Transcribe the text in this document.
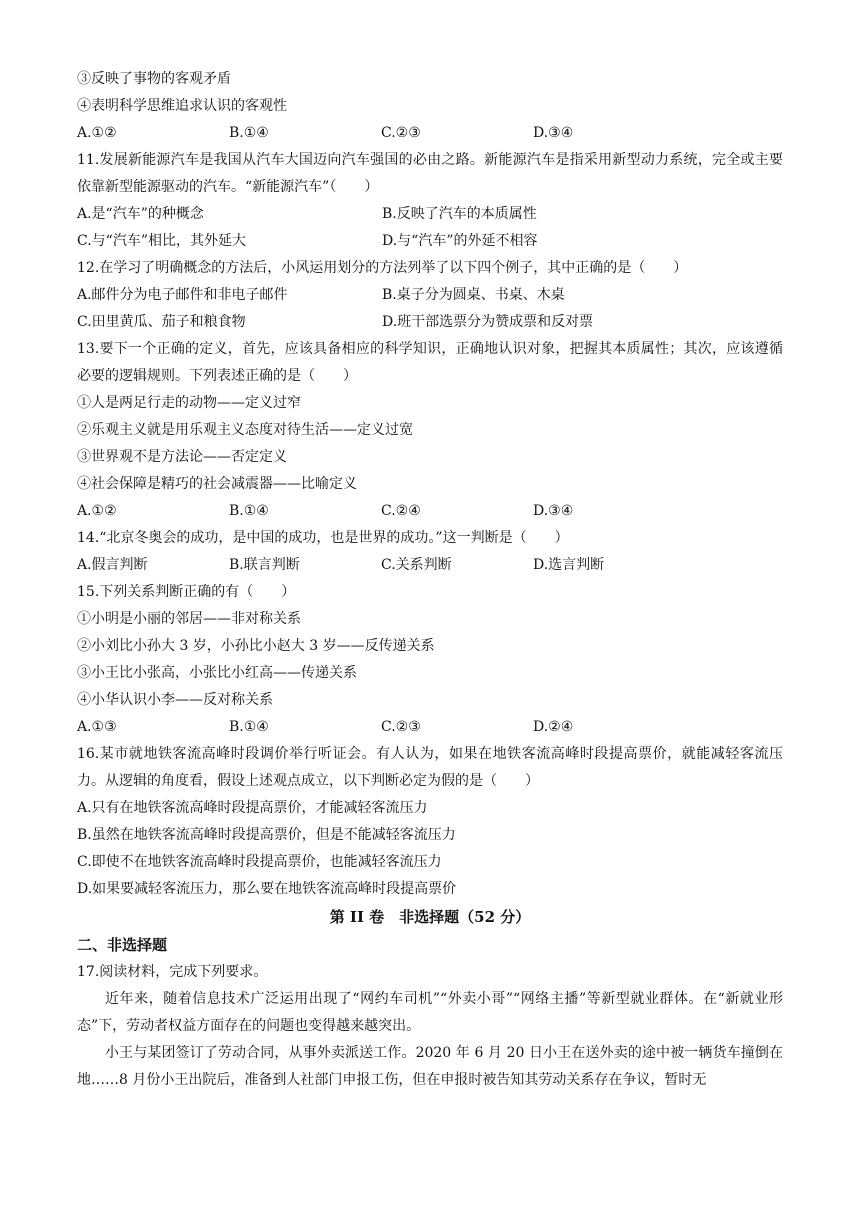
③反映了事物的客观矛盾
④表明科学思维追求认识的客观性
A.①②	B.①④	C.②③	D.③④
11.发展新能源汽车是我国从汽车大国迈向汽车强国的必由之路。新能源汽车是指采用新型动力系统，完全或主要依靠新型能源驱动的汽车。“新能源汽车”（　　）
A.是“汽车”的种概念	B.反映了汽车的本质属性
C.与“汽车”相比，其外延大	D.与“汽车”的外延不相容
12.在学习了明确概念的方法后，小风运用划分的方法列举了以下四个例子，其中正确的是（　　）
A.邮件分为电子邮件和非电子邮件	B.桌子分为圆桌、书桌、木桌
C.田里黄瓜、茄子和粮食物	D.班干部选票分为赞成票和反对票
13.要下一个正确的定义，首先，应该具备相应的科学知识，正确地认识对象，把握其本质属性；其次，应该遵循必要的逻辑规则。下列表述正确的是（　　）
①人是两足行走的动物——定义过窄
②乐观主义就是用乐观主义态度对待生活——定义过宽
③世界观不是方法论——否定定义
④社会保障是精巧的社会减震器——比喻定义
A.①②	B.①④	C.②④	D.③④
14.“北京冬奥会的成功，是中国的成功，也是世界的成功。”这一判断是（　　）
A.假言判断	B.联言判断	C.关系判断	D.选言判断
15.下列关系判断正确的有（　　）
①小明是小丽的邻居——非对称关系
②小刘比小孙大 3 岁，小孙比小赵大 3 岁——反传递关系
③小王比小张高，小张比小红高——传递关系
④小华认识小李——反对称关系
A.①③	B.①④	C.②③	D.②④
16.某市就地铁客流高峰时段调价举行听证会。有人认为，如果在地铁客流高峰时段提高票价，就能减轻客流压力。从逻辑的角度看，假设上述观点成立，以下判断必定为假的是（　　）
A.只有在地铁客流高峰时段提高票价，才能减轻客流压力
B.虽然在地铁客流高峰时段提高票价，但是不能减轻客流压力
C.即使不在地铁客流高峰时段提高票价，也能减轻客流压力
D.如果要减轻客流压力，那么要在地铁客流高峰时段提高票价
第 II 卷　非选择题（52 分）
二、非选择题
17.阅读材料，完成下列要求。
近年来，随着信息技术广泛运用出现了“网约车司机”“外卖小哥”“网络主播”等新型就业群体。在“新就业形态”下，劳动者权益方面存在的问题也变得越来越突出。
小王与某团签订了劳动合同，从事外卖派送工作。2020 年 6 月 20 日小王在送外卖的途中被一辆货车撞倒在地……8 月份小王出院后，准备到人社部门申报工伤，但在申报时被告知其劳动关系存在争议，暂时无
